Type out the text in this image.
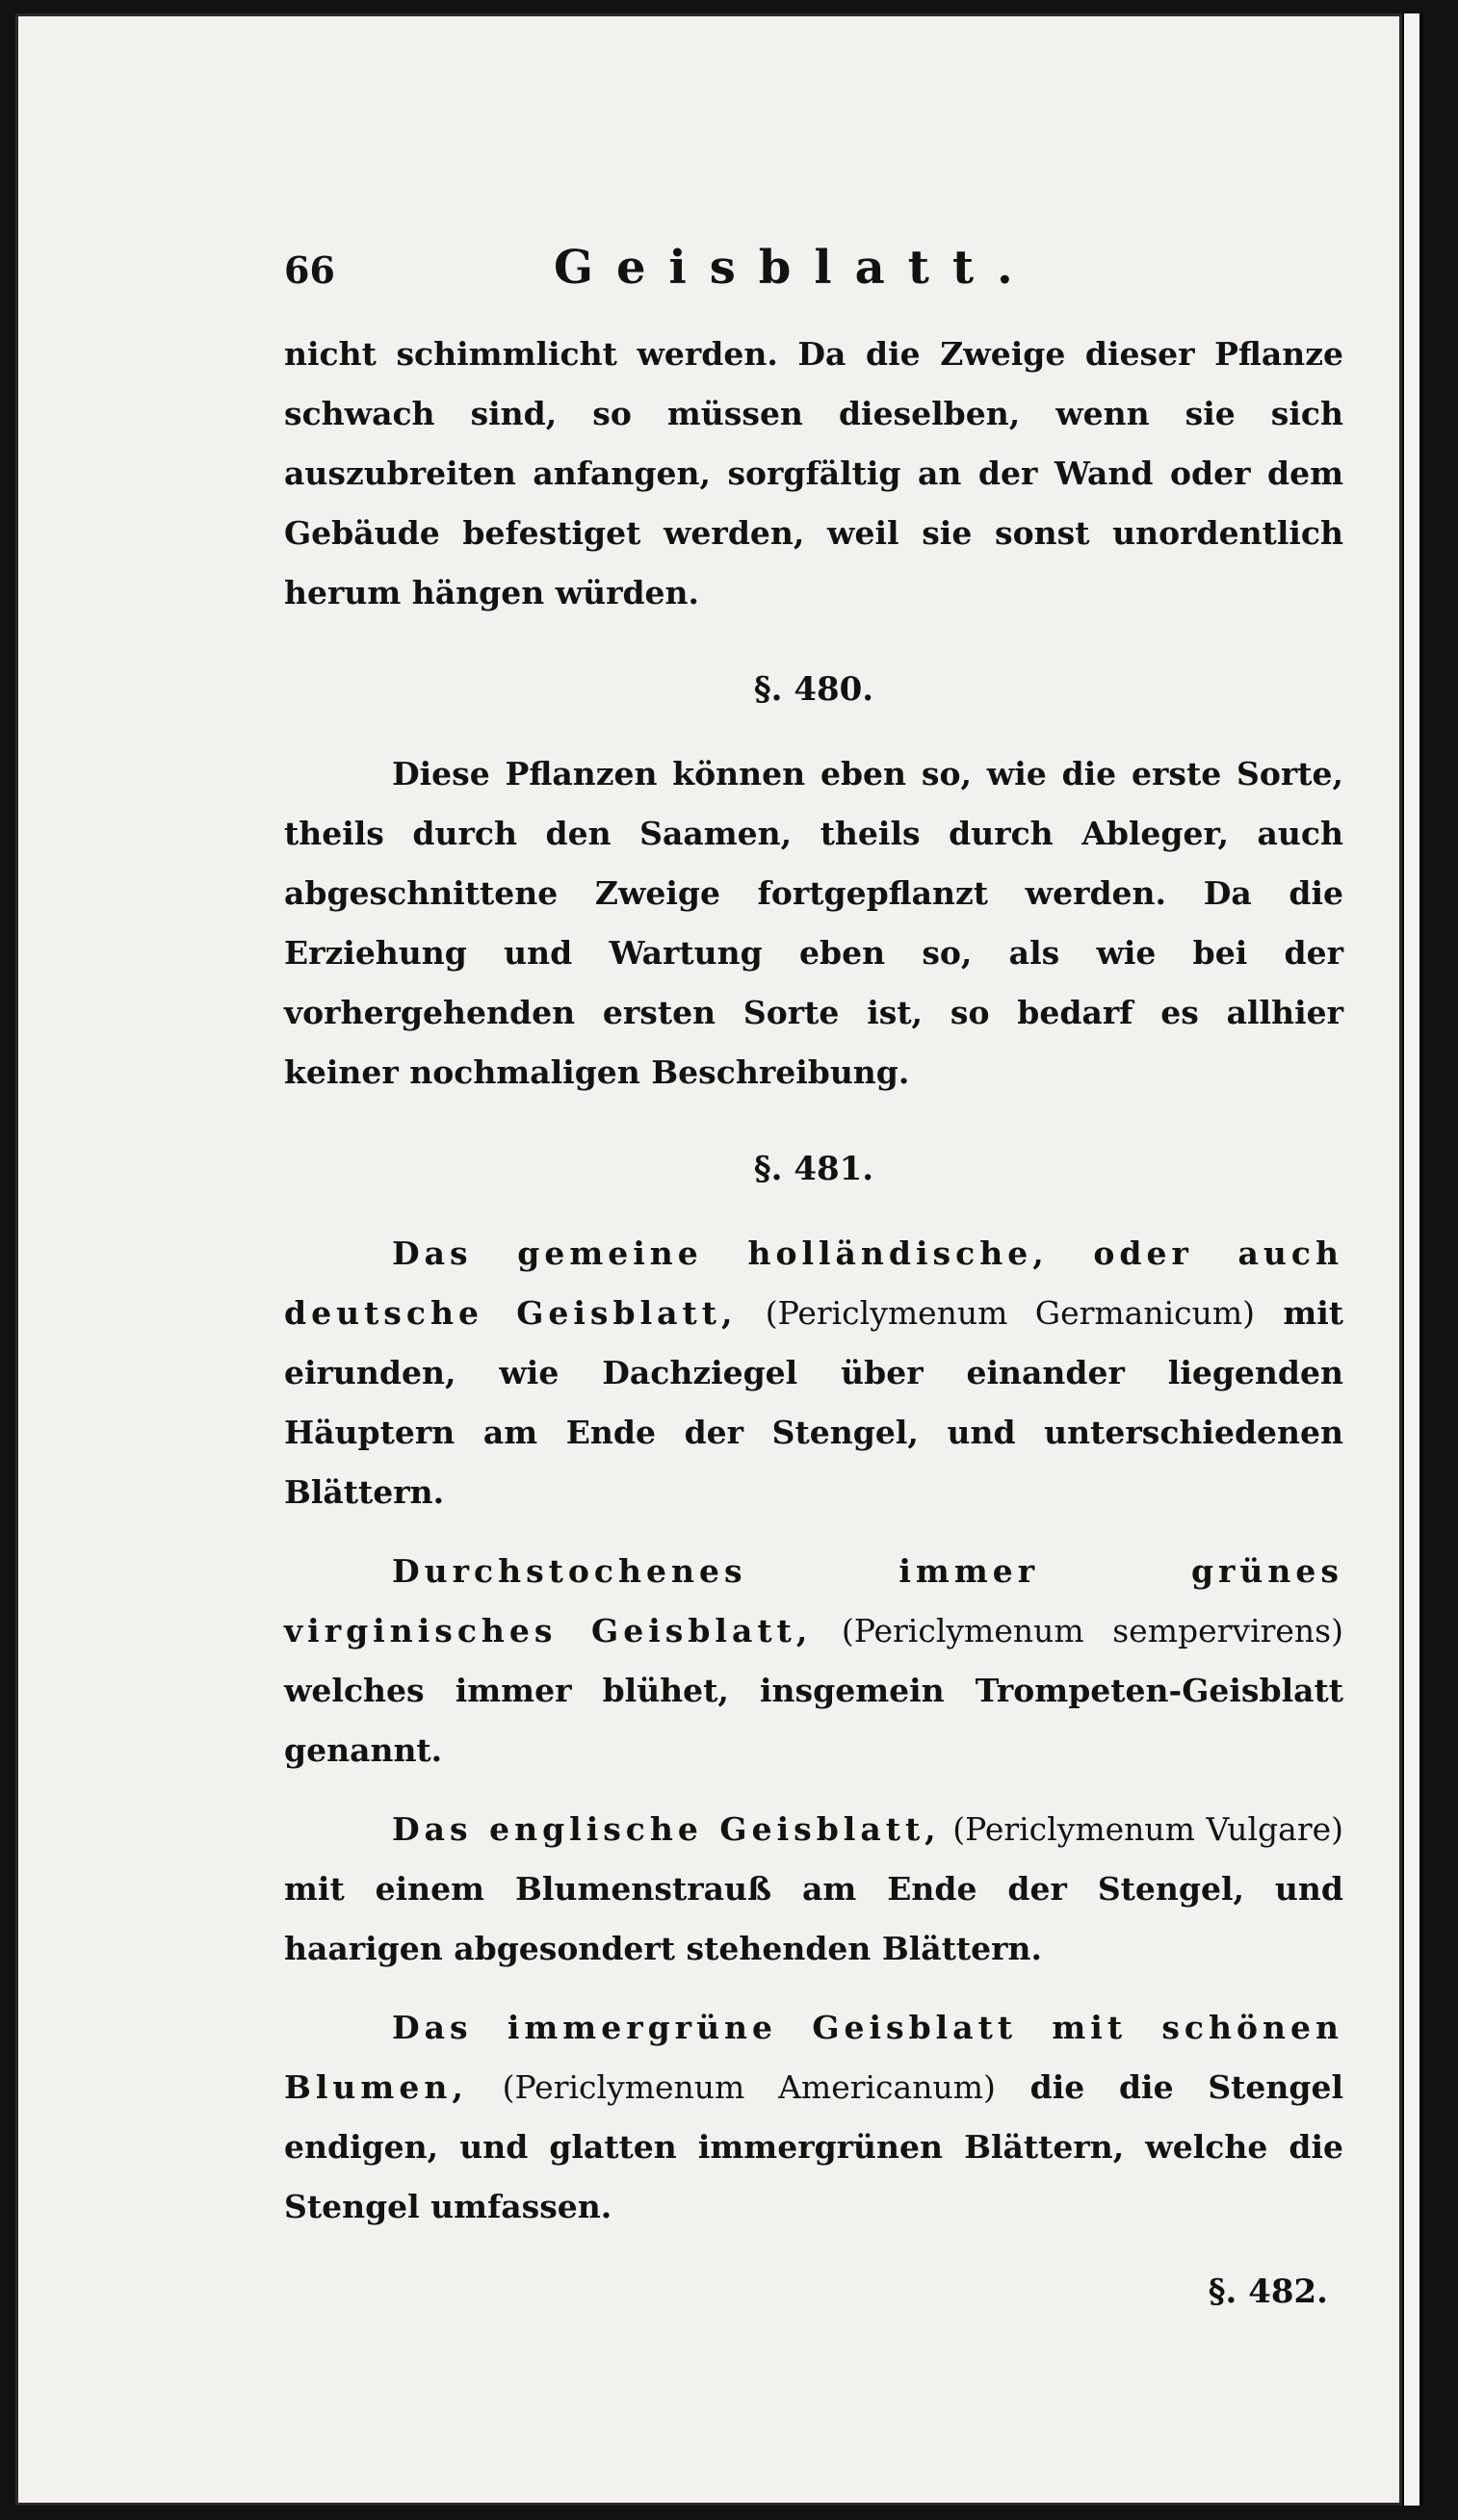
66	Geisblatt.

nicht schimmlicht werden. Da die Zweige dieser Pflanze schwach sind, so müssen dieselben, wenn sie sich auszubreiten anfangen, sorgfältig an der Wand oder dem Gebäude befestiget werden, weil sie sonst unordentlich herum hängen würden.

§. 480.

Diese Pflanzen können eben so, wie die erste Sorte, theils durch den Saamen, theils durch Ableger, auch abgeschnittene Zweige fortgepflanzt werden. Da die Erziehung und Wartung eben so, als wie bei der vorhergehenden ersten Sorte ist, so bedarf es allhier keiner nochmaligen Beschreibung.

§. 481.

Das gemeine holländische, oder auch deutsche Geisblatt, (Periclymenum Germanicum) mit eirunden, wie Dachziegel über einander liegenden Häuptern am Ende der Stengel, und unterschiedenen Blättern.

Durchstochenes immer grünes virginisches Geisblatt, (Periclymenum sempervirens) welches immer blühet, insgemein Trompeten-Geisblatt genannt.

Das englische Geisblatt, (Periclymenum Vulgare) mit einem Blumenstrauß am Ende der Stengel, und haarigen abgesondert stehenden Blättern.

Das immergrüne Geisblatt mit schönen Blumen, (Periclymenum Americanum) die die Stengel endigen, und glatten immergrünen Blättern, welche die Stengel umfassen.

§. 482.
